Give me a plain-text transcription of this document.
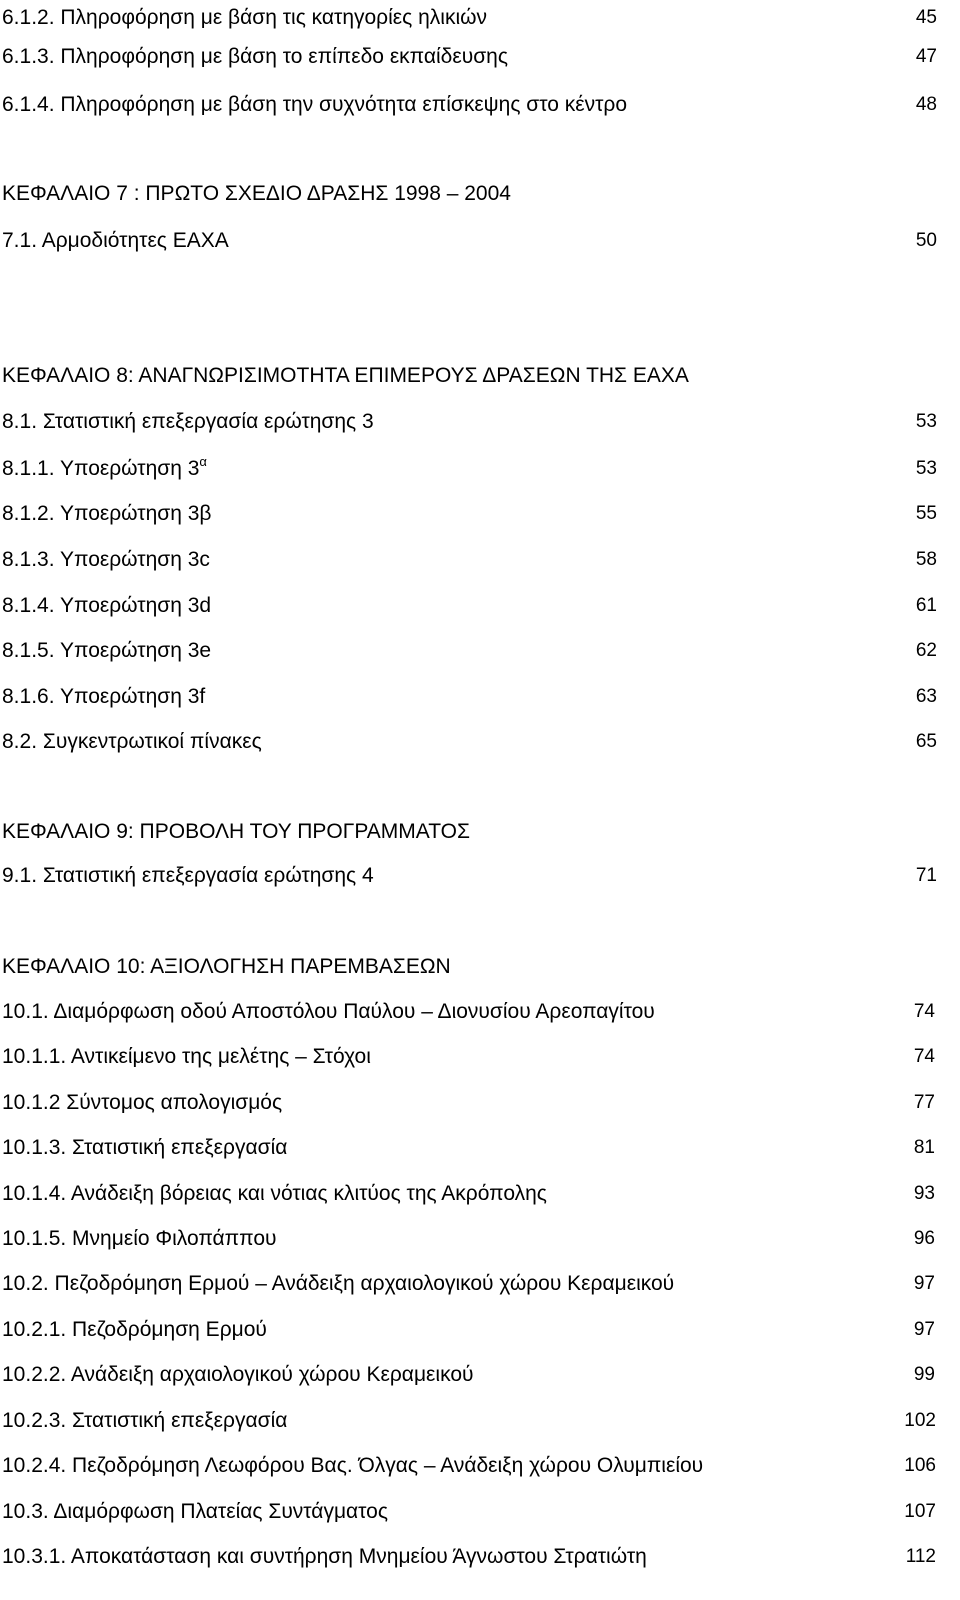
6.1.2. Πληροφόρηση με βάση τις κατηγορίες ηλικιών	45
6.1.3. Πληροφόρηση με βάση το επίπεδο εκπαίδευσης	47
6.1.4. Πληροφόρηση με βάση την συχνότητα επίσκεψης στο κέντρο	48
ΚΕΦΑΛΑΙΟ 7 : ΠΡΩΤΟ ΣΧΕΔΙΟ ΔΡΑΣΗΣ 1998 – 2004
7.1. Αρμοδιότητες ΕΑΧΑ	50
ΚΕΦΑΛΑΙΟ 8: ΑΝΑΓΝΩΡΙΣΙΜΟΤΗΤΑ ΕΠΙΜΕΡΟΥΣ ΔΡΑΣΕΩΝ ΤΗΣ ΕΑΧΑ
8.1. Στατιστική επεξεργασία ερώτησης 3	53
8.1.1. Υποερώτηση $3^\alpha$	53
8.1.2. Υποερώτηση 3β	55
8.1.3. Υποερώτηση 3c	58
8.1.4. Υποερώτηση 3d	61
8.1.5. Υποερώτηση 3e	62
8.1.6. Υποερώτηση 3f	63
8.2. Συγκεντρωτικοί πίνακες	65
ΚΕΦΑΛΑΙΟ 9: ΠΡΟΒΟΛΗ ΤΟΥ ΠΡΟΓΡΑΜΜΑΤΟΣ
9.1. Στατιστική επεξεργασία ερώτησης 4	71
ΚΕΦΑΛΑΙΟ 10: ΑΞΙΟΛΟΓΗΣΗ ΠΑΡΕΜΒΑΣΕΩΝ
10.1. Διαμόρφωση οδού Αποστόλου Παύλου – Διονυσίου Αρεοπαγίτου	74
10.1.1. Αντικείμενο της μελέτης – Στόχοι	74
10.1.2 Σύντομος απολογισμός	77
10.1.3. Στατιστική επεξεργασία	81
10.1.4. Ανάδειξη βόρειας και νότιας κλιτύος της Ακρόπολης	93
10.1.5. Μνημείο Φιλοπάππου	96
10.2. Πεζοδρόμηση Ερμού – Ανάδειξη αρχαιολογικού χώρου Κεραμεικού	97
10.2.1. Πεζοδρόμηση Ερμού	97
10.2.2. Ανάδειξη αρχαιολογικού χώρου Κεραμεικού	99
10.2.3. Στατιστική επεξεργασία	102
10.2.4. Πεζοδρόμηση Λεωφόρου Βας. Όλγας – Ανάδειξη χώρου Ολυμπιείου	106
10.3. Διαμόρφωση Πλατείας Συντάγματος	107
10.3.1. Αποκατάσταση και συντήρηση Μνημείου Άγνωστου Στρατιώτη	112
